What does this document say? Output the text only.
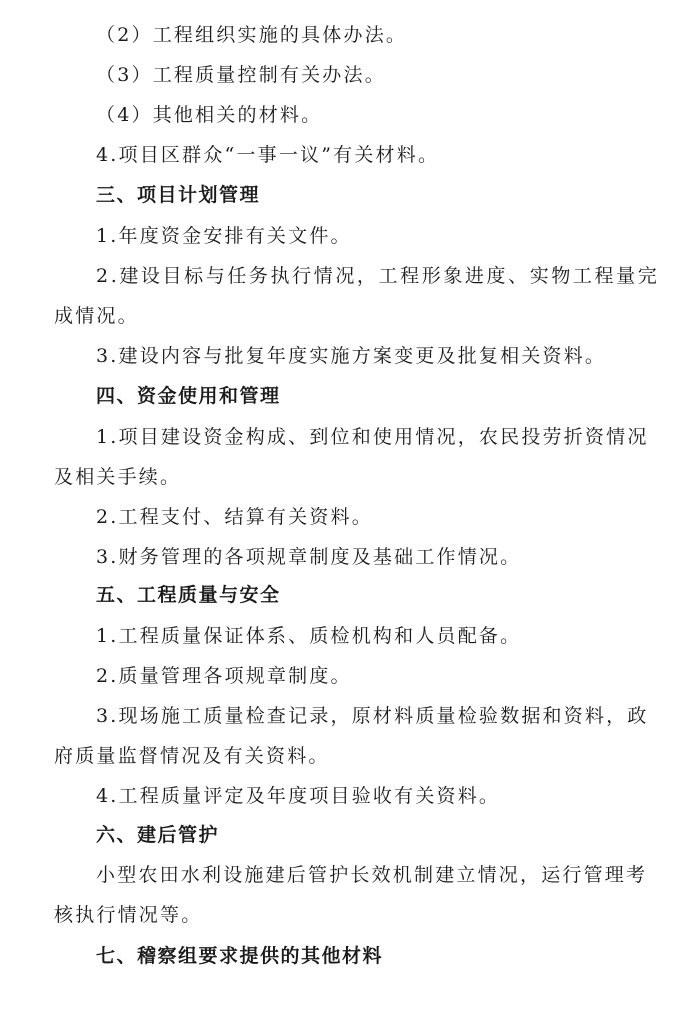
（2）工程组织实施的具体办法。
（3）工程质量控制有关办法。
（4）其他相关的材料。
4.项目区群众“一事一议”有关材料。
三、项目计划管理
1.年度资金安排有关文件。
2.建设目标与任务执行情况，工程形象进度、实物工程量完
成情况。
3.建设内容与批复年度实施方案变更及批复相关资料。
四、资金使用和管理
1.项目建设资金构成、到位和使用情况，农民投劳折资情况
及相关手续。
2.工程支付、结算有关资料。
3.财务管理的各项规章制度及基础工作情况。
五、工程质量与安全
1.工程质量保证体系、质检机构和人员配备。
2.质量管理各项规章制度。
3.现场施工质量检查记录，原材料质量检验数据和资料，政
府质量监督情况及有关资料。
4.工程质量评定及年度项目验收有关资料。
六、建后管护
小型农田水利设施建后管护长效机制建立情况，运行管理考
核执行情况等。
七、稽察组要求提供的其他材料
